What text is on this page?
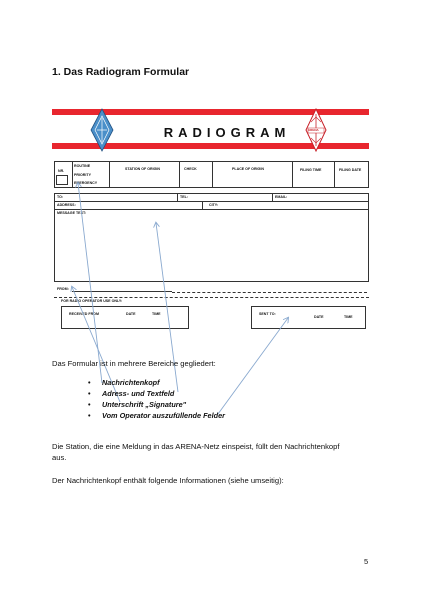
1. Das Radiogram Formular
RADIOGRAM	ARENA
NR.
ROUTINE
PRIORITY
EMERGENCY
STATION OF ORIGIN	CHECK	PLACE OF ORIGIN	FILING TIME	FILING DATE
TO:	TEL:	EMAIL:
ADDRESS:	CITY:
MESSAGE TEXT:
FROM:
FOR RADIO OPERATOR USE ONLY:
RECEIVED FROM	DATE	TIME	SENT TO:
DATE	TIME
Das Formular ist in mehrere Bereiche gegliedert:
• Nachrichtenkopf
• Adress- und Textfeld
• Unterschrift „Signature"
• Vom Operator auszufüllende Felder
Die Station, die eine Meldung in das ARENA-Netz einspeist, füllt den Nachrichtenkopf aus.
Der Nachrichtenkopf enthält folgende Informationen (siehe umseitig):
5
